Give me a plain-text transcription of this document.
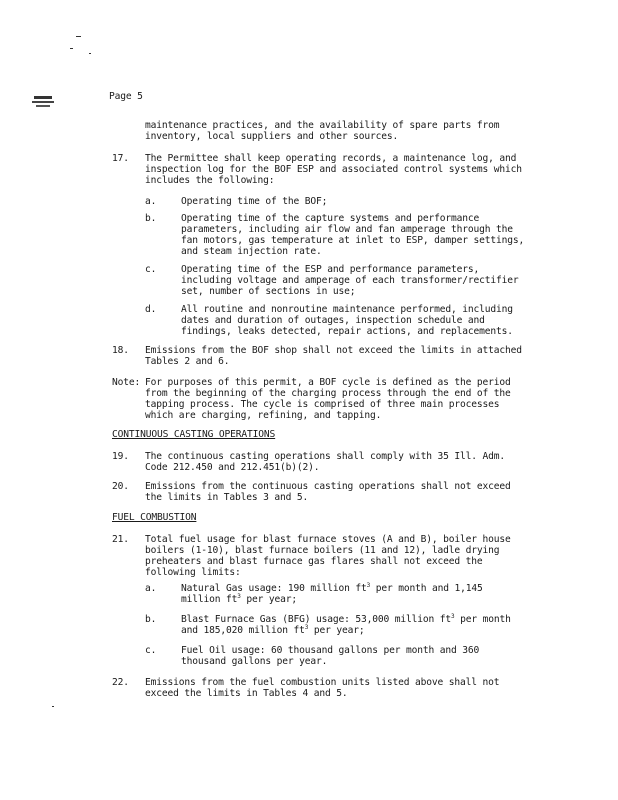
Page 5
maintenance practices, and the availability of spare parts from
inventory, local suppliers and other sources.
17. The Permittee shall keep operating records, a maintenance log, and
inspection log for the BOF ESP and associated control systems which
includes the following:
a.	Operating time of the BOF;
b.	Operating time of the capture systems and performance
parameters, including air flow and fan amperage through the
fan motors, gas temperature at inlet to ESP, damper settings,
and steam injection rate.
c.	Operating time of the ESP and performance parameters,
including voltage and amperage of each transformer/rectifier
set, number of sections in use;
d.	All routine and nonroutine maintenance performed, including
dates and duration of outages, inspection schedule and
findings, leaks detected, repair actions, and replacements.
18. Emissions from the BOF shop shall not exceed the limits in attached
Tables 2 and 6.
Note: For purposes of this permit, a BOF cycle is defined as the period
from the beginning of the charging process through the end of the
tapping process. The cycle is comprised of three main processes
which are charging, refining, and tapping.
CONTINUOUS CASTING OPERATIONS
19. The continuous casting operations shall comply with 35 Ill. Adm.
Code 212.450 and 212.451(b)(2).
20. Emissions from the continuous casting operations shall not exceed
the limits in Tables 3 and 5.
FUEL COMBUSTION
21. Total fuel usage for blast furnace stoves (A and B), boiler house
boilers (1-10), blast furnace boilers (11 and 12), ladle drying
preheaters and blast furnace gas flares shall not exceed the
following limits:
a.	Natural Gas usage: 190 million $ft^3$ per month and 1,145
million $ft^3$ per year;
b.	Blast Furnace Gas (BFG) usage: 53,000 million $ft^3$ per month
and 185,020 million $ft^3$ per year;
c.	Fuel Oil usage: 60 thousand gallons per month and 360
thousand gallons per year.
22. Emissions from the fuel combustion units listed above shall not
exceed the limits in Tables 4 and 5.
